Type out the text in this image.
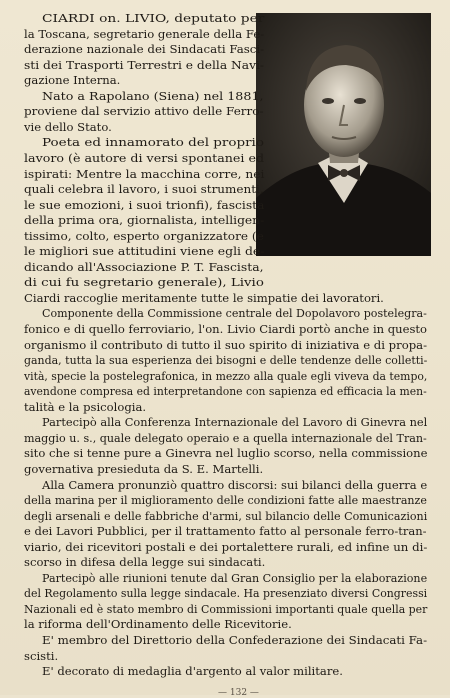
CIARDI on. LIVIO, deputato per
la Toscana, segretario generale della Fe-
derazione nazionale dei Sindacati Fasci-
sti dei Trasporti Terrestri e della Navi-
gazione Interna.
Nato a Rapolano (Siena) nel 1881,
proviene dal servizio attivo delle Ferro-
vie dello Stato.
Poeta ed innamorato del proprio
lavoro (è autore di versi spontanei ed
ispirati: Mentre la macchina corre, nei
quali celebra il lavoro, i suoi strumenti,
le sue emozioni, i suoi trionfi), fascista
della prima ora, giornalista, intelligen-
tissimo, colto, esperto organizzatore (e
le migliori sue attitudini viene egli de-
dicando all'Associazione P. T. Fascista,
di cui fu segretario generale), Livio
Ciardi raccoglie meritamente tutte le simpatie dei lavoratori.
Componente della Commissione centrale del Dopolavoro postelegra-
fonico e di quello ferroviario, l'on. Livio Ciardi portò anche in questo
organismo il contributo di tutto il suo spirito di iniziativa e di propa-
ganda, tutta la sua esperienza dei bisogni e delle tendenze delle colletti-
vità, specie la postelegrafonica, in mezzo alla quale egli viveva da tempo,
avendone compresa ed interpretandone con sapienza ed efficacia la men-
talità e la psicologia.
Partecipò alla Conferenza Internazionale del Lavoro di Ginevra nel
maggio u. s., quale delegato operaio e a quella internazionale del Tran-
sito che si tenne pure a Ginevra nel luglio scorso, nella commissione
governativa presieduta da S. E. Martelli.
Alla Camera pronunziò quattro discorsi: sui bilanci della guerra e
della marina per il miglioramento delle condizioni fatte alle maestranze
degli arsenali e delle fabbriche d'armi, sul bilancio delle Comunicazioni
e dei Lavori Pubblici, per il trattamento fatto al personale ferro-tran-
viario, dei ricevitori postali e dei portalettere rurali, ed infine un di-
scorso in difesa della legge sui sindacati.
Partecipò alle riunioni tenute dal Gran Consiglio per la elaborazione
del Regolamento sulla legge sindacale. Ha presenziato diversi Congressi
Nazionali ed è stato membro di Commissioni importanti quale quella per
la riforma dell'Ordinamento delle Ricevitorie.
E' membro del Direttorio della Confederazione dei Sindacati Fa-
scisti.
E' decorato di medaglia d'argento al valor militare.
— 132 —
